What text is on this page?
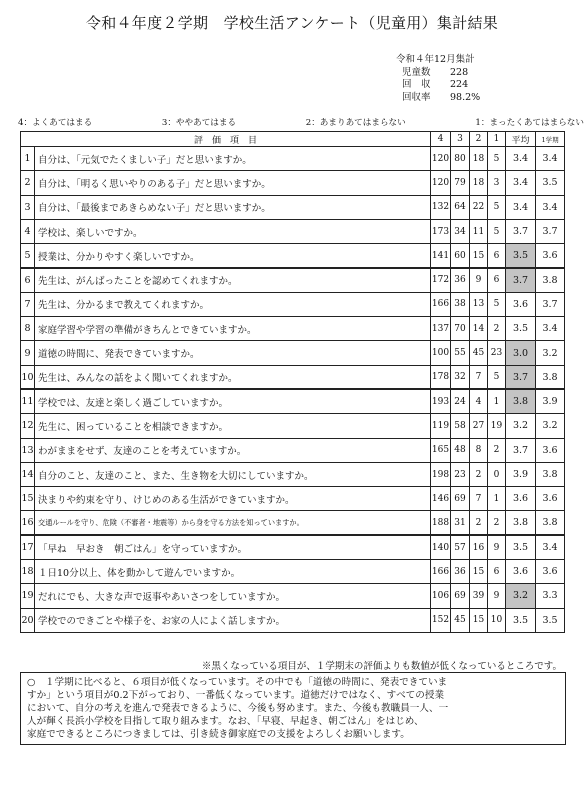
令和４年度２学期　学校生活アンケート（児童用）集計結果
令和４年12月集計
児童数	228
回　収	224
回収率	98.2%
4：よくあてはまる	3：ややあてはまる	2：あまりあてはまらない	1：まったくあてはまらない
評　価　項　目		4	3	2	1	平均	1学期
1	自分は、「元気でたくましい子」だと思いますか。	120	80	18	5	3.4	3.4
2	自分は、「明るく思いやりのある子」だと思いますか。	120	79	18	3	3.4	3.5
3	自分は、「最後まであきらめない子」だと思いますか。	132	64	22	5	3.4	3.4
4	学校は、楽しいですか。	173	34	11	5	3.7	3.7
5	授業は、分かりやすく楽しいですか。	141	60	15	6	3.5	3.6
6	先生は、がんばったことを認めてくれますか。	172	36	9	6	3.7	3.8
7	先生は、分かるまで教えてくれますか。	166	38	13	5	3.6	3.7
8	家庭学習や学習の準備がきちんとできていますか。	137	70	14	2	3.5	3.4
9	道徳の時間に、発表できていますか。	100	55	45	23	3.0	3.2
10	先生は、みんなの話をよく聞いてくれますか。	178	32	7	5	3.7	3.8
11	学校では、友達と楽しく過ごしていますか。	193	24	4	1	3.8	3.9
12	先生に、困っていることを相談できますか。	119	58	27	19	3.2	3.2
13	わがままをせず、友達のことを考えていますか。	165	48	8	2	3.7	3.6
14	自分のこと、友達のこと、また、生き物を大切にしていますか。	198	23	2	0	3.9	3.8
15	決まりや約束を守り、けじめのある生活ができていますか。	146	69	7	1	3.6	3.6
16	交通ルールを守り、危険（不審者・地震等）から身を守る方法を知っていますか。	188	31	2	2	3.8	3.8
17	「早ね　早おき　朝ごはん」を守っていますか。	140	57	16	9	3.5	3.4
18	１日10分以上、体を動かして遊んでいますか。	166	36	15	6	3.6	3.6
19	だれにでも、大きな声で返事やあいさつをしていますか。	106	69	39	9	3.2	3.3
20	学校でのできごとや様子を、お家の人によく話しますか。	152	45	15	10	3.5	3.5
※黒くなっている項目が、１学期末の評価よりも数値が低くなっているところです。
○　１学期に比べると、６項目が低くなっています。その中でも「道徳の時間に、発表できていま
すか」という項目が0.2下がっており、一番低くなっています。道徳だけではなく、すべての授業
において、自分の考えを進んで発表できるように、今後も努めます。また、今後も教職員一人、一
人が輝く長浜小学校を目指して取り組みます。なお、「早寝、早起き、朝ごはん」をはじめ、
家庭でできるところにつきましては、引き続き御家庭での支援をよろしくお願いします。
